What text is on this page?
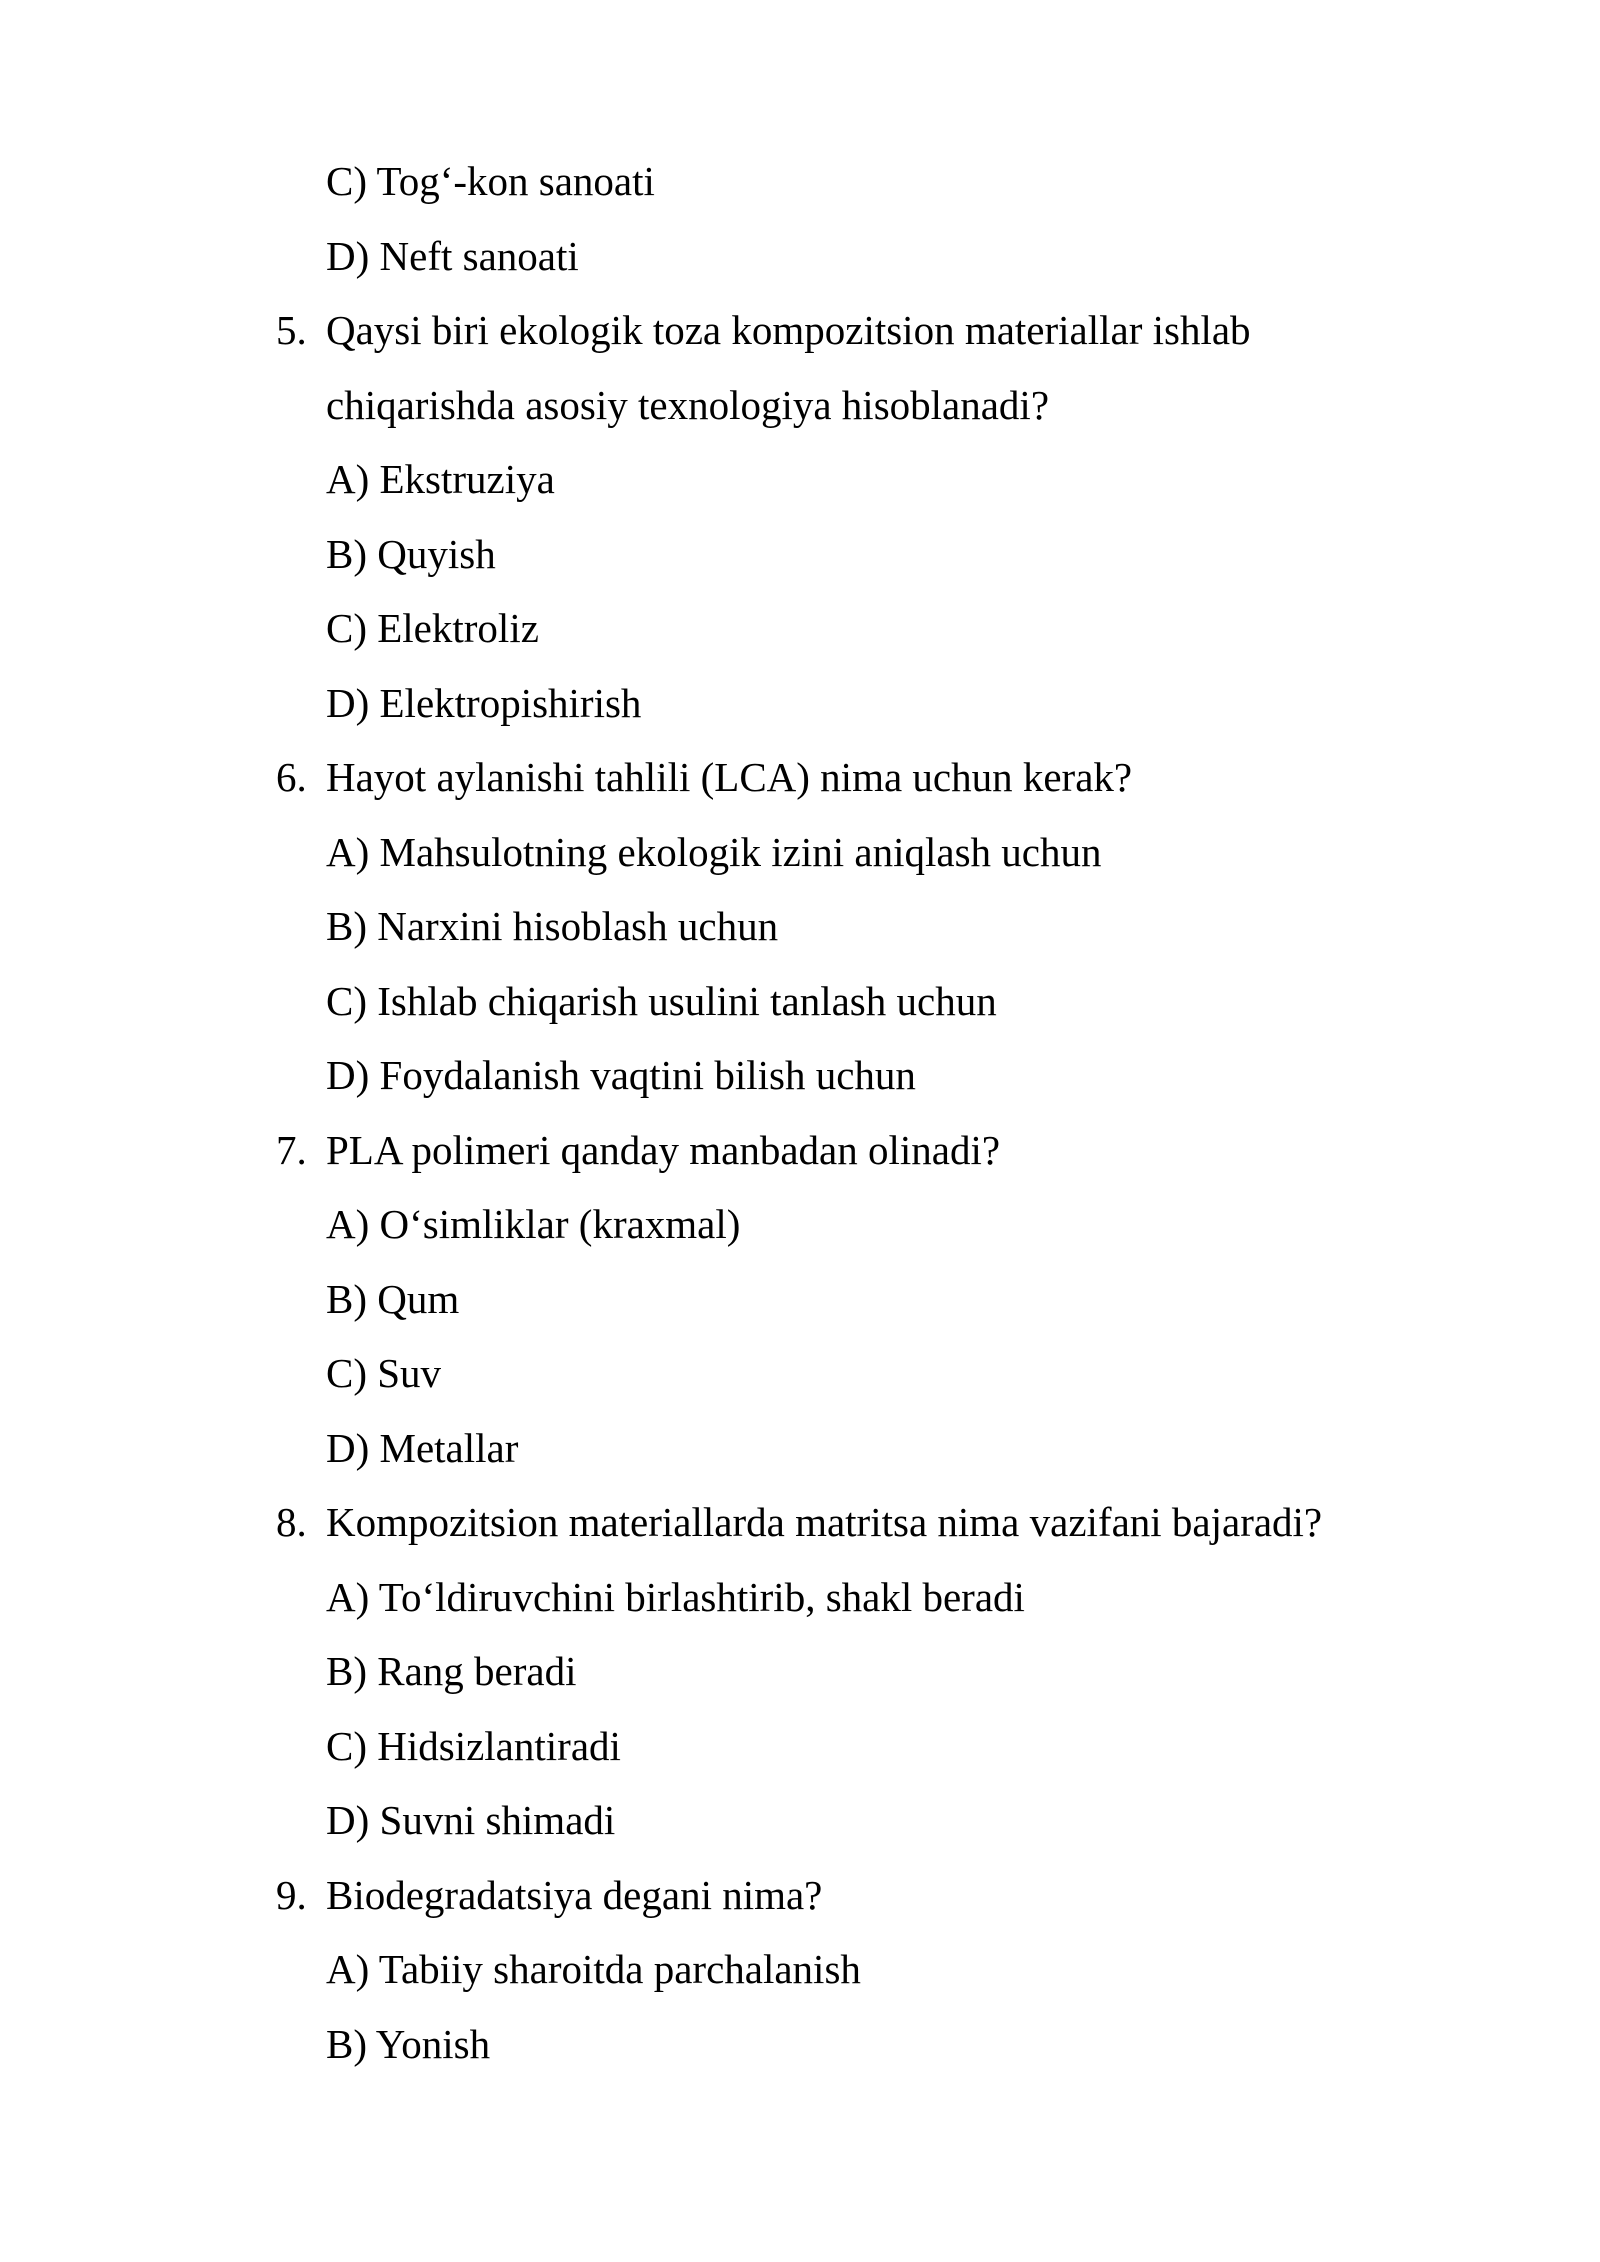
C) Tog‘-kon sanoati
D) Neft sanoati
5. Qaysi biri ekologik toza kompozitsion materiallar ishlab
chiqarishda asosiy texnologiya hisoblanadi?
A) Ekstruziya
B) Quyish
C) Elektroliz
D) Elektropishirish
6. Hayot aylanishi tahlili (LCA) nima uchun kerak?
A) Mahsulotning ekologik izini aniqlash uchun
B) Narxini hisoblash uchun
C) Ishlab chiqarish usulini tanlash uchun
D) Foydalanish vaqtini bilish uchun
7. PLA polimeri qanday manbadan olinadi?
A) O‘simliklar (kraxmal)
B) Qum
C) Suv
D) Metallar
8. Kompozitsion materiallarda matritsa nima vazifani bajaradi?
A) To‘ldiruvchini birlashtirib, shakl beradi
B) Rang beradi
C) Hidsizlantiradi
D) Suvni shimadi
9. Biodegradatsiya degani nima?
A) Tabiiy sharoitda parchalanish
B) Yonish
